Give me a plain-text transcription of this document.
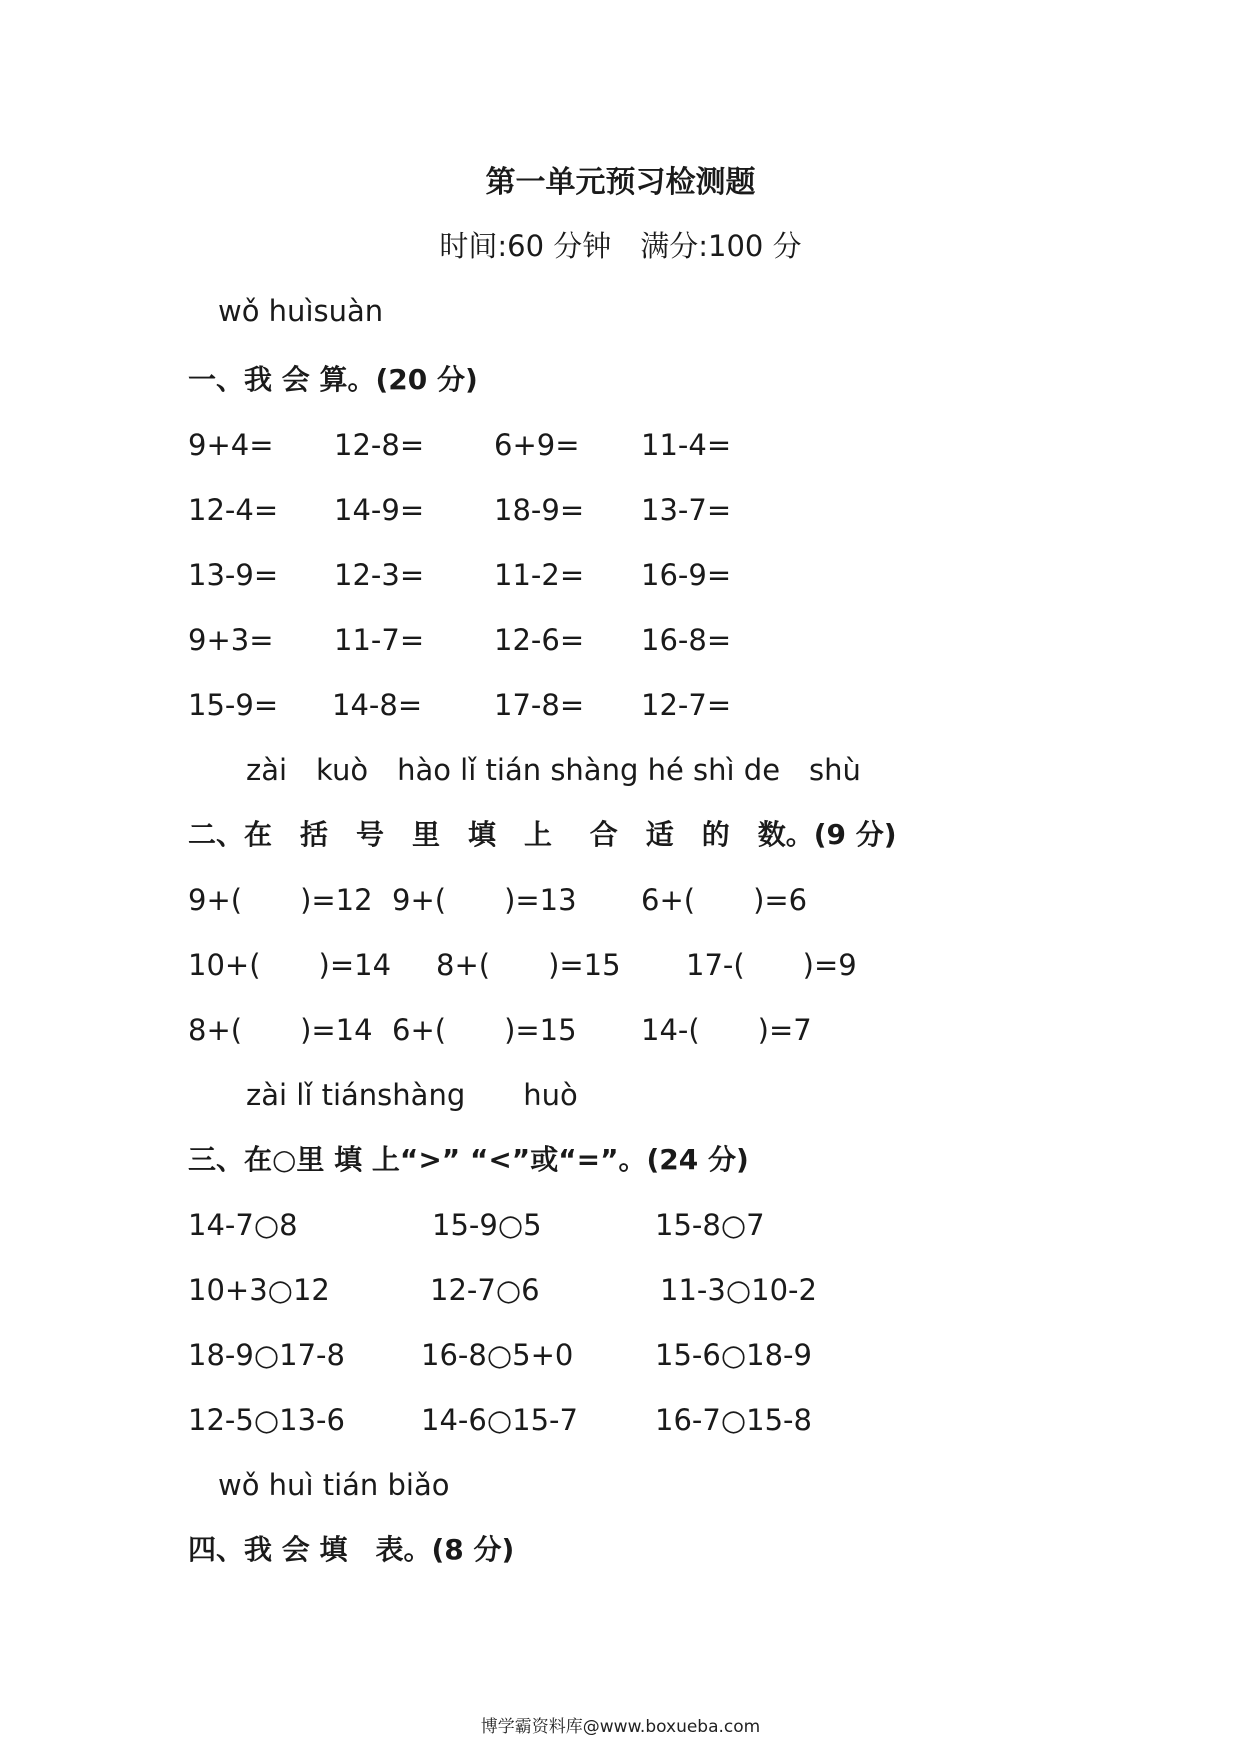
第一单元预习检测题
时间:60 分钟　满分:100 分
wǒ huìsuàn
一、我 会 算。(20 分)
9+4= 12-8= 6+9= 11-4=
12-4= 14-9= 18-9= 13-7=
13-9= 12-3= 11-2= 16-9=
9+3= 11-7= 12-6= 16-8=
15-9= 14-8= 17-8= 12-7=
zài　kuò　hào lǐ tián shàng hé shì de　shù
二、在　括　号　里　填　上　 合　适　的　数。(9 分)
9+(　　)=12 9+(　　)=13 6+(　　)=6
10+(　　)=14 8+(　　)=15 17-(　　)=9
8+(　　)=14 6+(　　)=15 14-(　　)=7
zài lǐ tiánshàng　　huò
三、在○里 填 上“>” “<”或“=”。(24 分)
14-7○8	15-9○5	15-8○7
10+3○12	12-7○6	11-3○10-2
18-9○17-8	16-8○5+0	15-6○18-9
12-5○13-6	14-6○15-7	16-7○15-8
wǒ huì tián biǎo
四、我 会 填　表。(8 分)
博学霸资料库@www.boxueba.com
